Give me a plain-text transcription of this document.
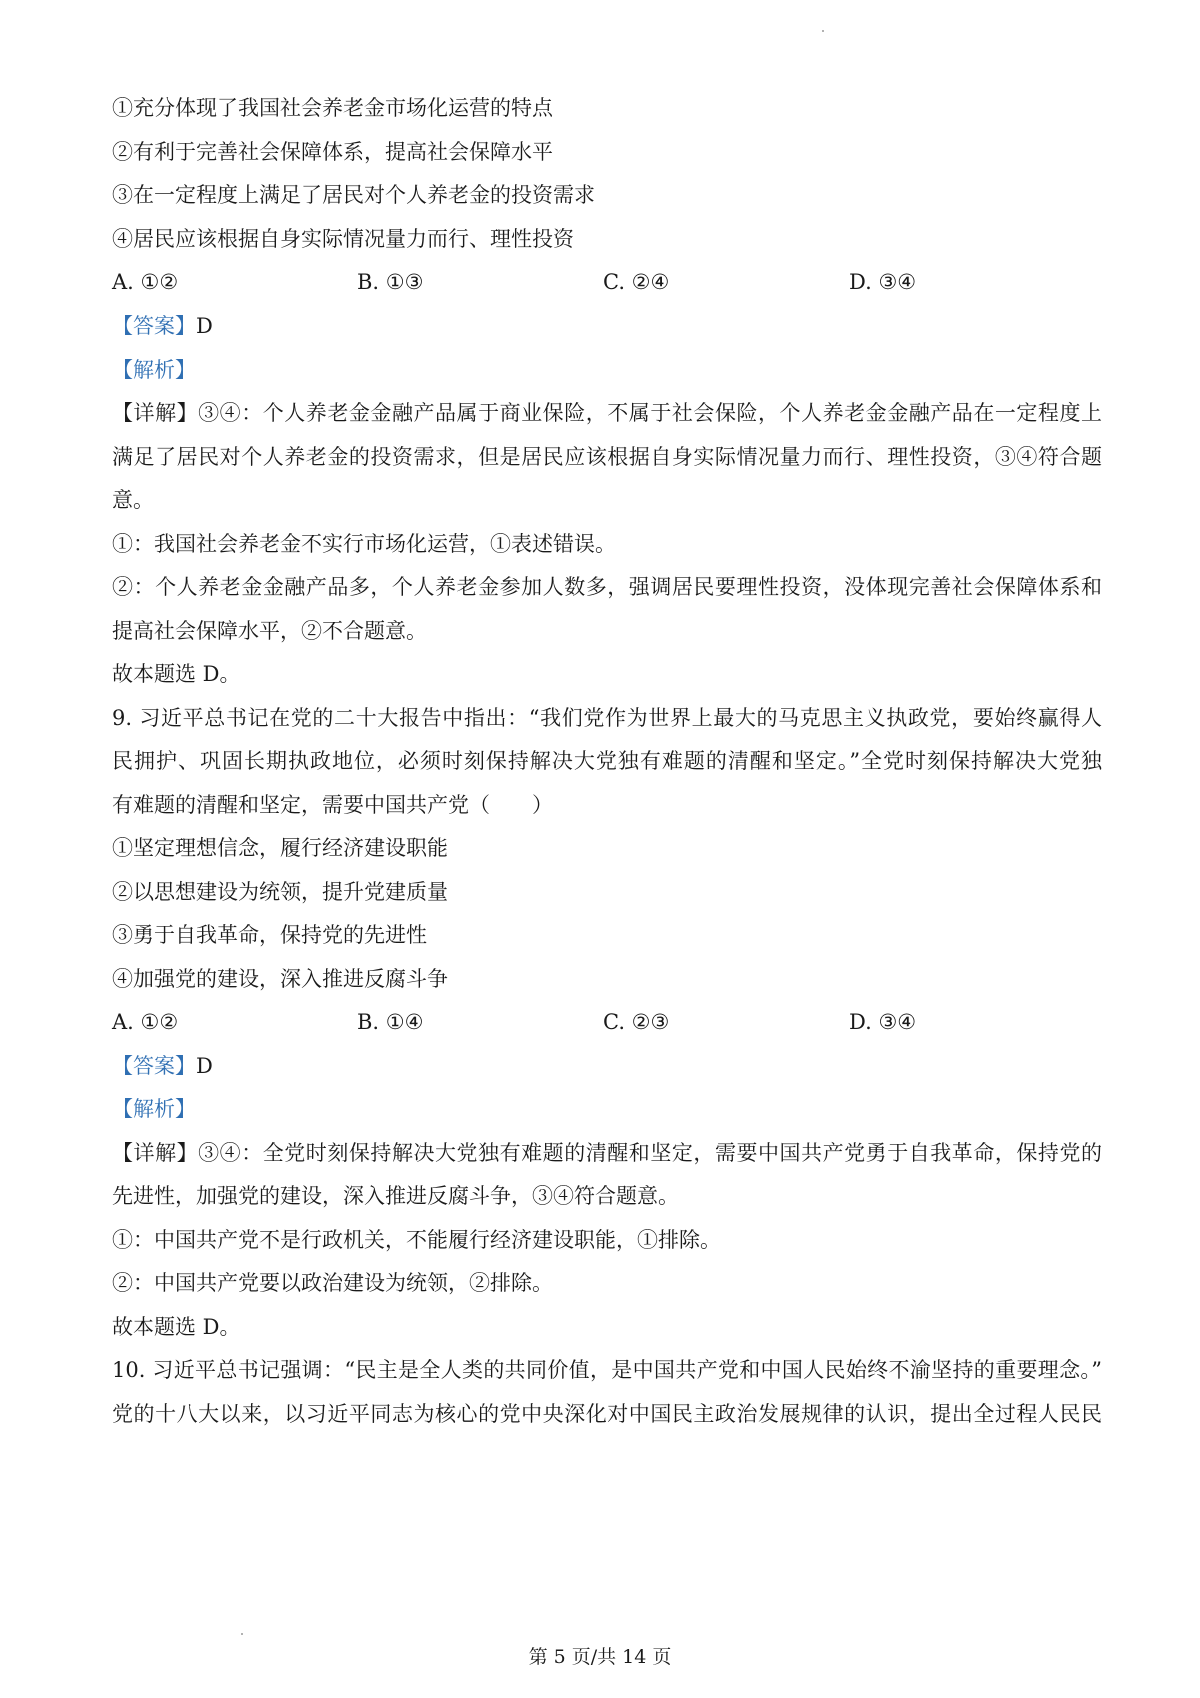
①充分体现了我国社会养老金市场化运营的特点
②有利于完善社会保障体系，提高社会保障水平
③在一定程度上满足了居民对个人养老金的投资需求
④居民应该根据自身实际情况量力而行、理性投资
A. ①②	B. ①③	C. ②④	D. ③④
【答案】D
【解析】
【详解】③④：个人养老金金融产品属于商业保险，不属于社会保险，个人养老金金融产品在一定程度上
满足了居民对个人养老金的投资需求，但是居民应该根据自身实际情况量力而行、理性投资，③④符合题
意。
①：我国社会养老金不实行市场化运营，①表述错误。
②：个人养老金金融产品多，个人养老金参加人数多，强调居民要理性投资，没体现完善社会保障体系和
提高社会保障水平，②不合题意。
故本题选 D。
9. 习近平总书记在党的二十大报告中指出：“我们党作为世界上最大的马克思主义执政党，要始终赢得人
民拥护、巩固长期执政地位，必须时刻保持解决大党独有难题的清醒和坚定。”全党时刻保持解决大党独
有难题的清醒和坚定，需要中国共产党（　　）
①坚定理想信念，履行经济建设职能
②以思想建设为统领，提升党建质量
③勇于自我革命，保持党的先进性
④加强党的建设，深入推进反腐斗争
A. ①②	B. ①④	C. ②③	D. ③④
【答案】D
【解析】
【详解】③④：全党时刻保持解决大党独有难题的清醒和坚定，需要中国共产党勇于自我革命，保持党的
先进性，加强党的建设，深入推进反腐斗争，③④符合题意。
①：中国共产党不是行政机关，不能履行经济建设职能，①排除。
②：中国共产党要以政治建设为统领，②排除。
故本题选 D。
10. 习近平总书记强调：“民主是全人类的共同价值，是中国共产党和中国人民始终不渝坚持的重要理念。”
党的十八大以来，以习近平同志为核心的党中央深化对中国民主政治发展规律的认识，提出全过程人民民
第 5 页/共 14 页
